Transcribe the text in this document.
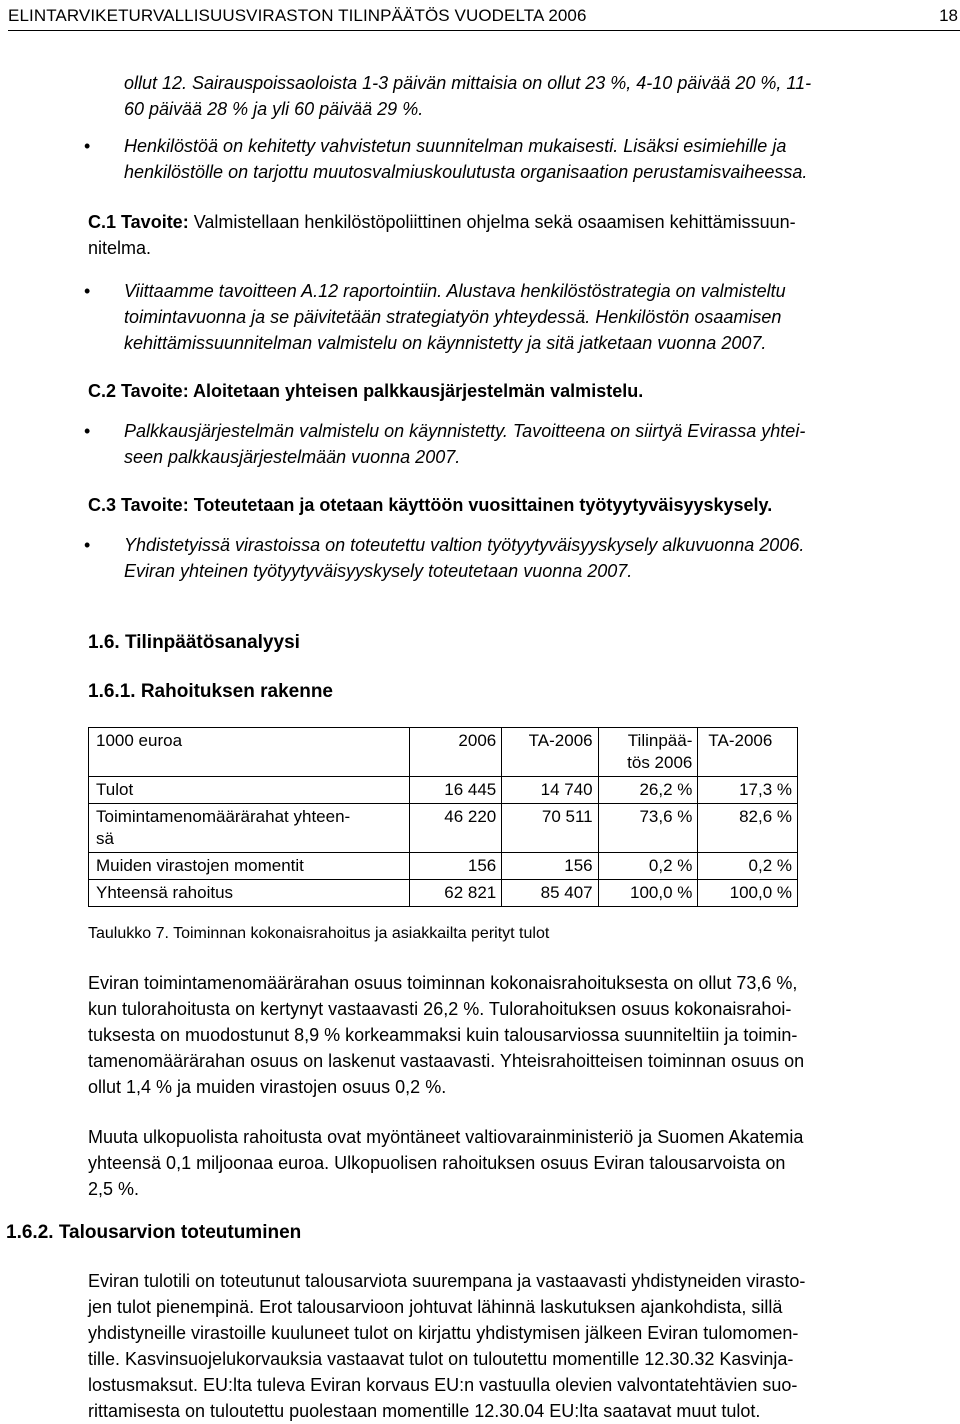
ELINTARVIKETURVALLISUUSVIRASTON TILINPÄÄTÖS VUODELTA 2006	18
ollut 12. Sairauspoissaoloista 1-3 päivän mittaisia on ollut 23 %, 4-10 päivää 20 %, 11-
60 päivää 28 % ja yli 60 päivää 29 %.
•
Henkilöstöä on kehitetty vahvistetun suunnitelman mukaisesti. Lisäksi esimiehille ja
henkilöstölle on tarjottu muutosvalmiuskoulutusta organisaation perustamisvaiheessa.
C.1 Tavoite: Valmistellaan henkilöstöpoliittinen ohjelma sekä osaamisen kehittämissuun-
nitelma.
•
Viittaamme tavoitteen A.12 raportointiin. Alustava henkilöstöstrategia on valmisteltu
toimintavuonna ja se päivitetään strategiatyön yhteydessä. Henkilöstön osaamisen
kehittämissuunnitelman valmistelu on käynnistetty ja sitä jatketaan vuonna 2007.
C.2 Tavoite: Aloitetaan yhteisen palkkausjärjestelmän valmistelu.
•
Palkkausjärjestelmän valmistelu on käynnistetty. Tavoitteena on siirtyä Evirassa yhtei-
seen palkkausjärjestelmään vuonna 2007.
C.3 Tavoite: Toteutetaan ja otetaan käyttöön vuosittainen työtyytyväisyyskysely.
•
Yhdistetyissä virastoissa on toteutettu valtion työtyytyväisyyskysely alkuvuonna 2006.
Eviran yhteinen työtyytyväisyyskysely toteutetaan vuonna 2007.
1.6. Tilinpäätösanalyysi
1.6.1. Rahoituksen rakenne
1000 euroa	2006	TA-2006	Tilinpää-
tös 2006	TA-2006
Tulot	16 445	14 740	26,2 %	17,3 %
Toimintamenomäärärahat yhteen-
sä	46 220	70 511	73,6 %	82,6 %
Muiden virastojen momentit	156	156	0,2 %	0,2 %
Yhteensä rahoitus	62 821	85 407	100,0 %	100,0 %
Taulukko 7. Toiminnan kokonaisrahoitus ja asiakkailta perityt tulot
Eviran toimintamenomäärärahan osuus toiminnan kokonaisrahoituksesta on ollut 73,6 %,
kun tulorahoitusta on kertynyt vastaavasti 26,2 %. Tulorahoituksen osuus kokonaisrahoi-
tuksesta on muodostunut 8,9 % korkeammaksi kuin talousarviossa suunniteltiin ja toimin-
tamenomäärärahan osuus on laskenut vastaavasti. Yhteisrahoitteisen toiminnan osuus on
ollut 1,4 % ja muiden virastojen osuus 0,2 %.
Muuta ulkopuolista rahoitusta ovat myöntäneet valtiovarainministeriö ja Suomen Akatemia
yhteensä 0,1 miljoonaa euroa. Ulkopuolisen rahoituksen osuus Eviran talousarvoista on
2,5 %.
1.6.2. Talousarvion toteutuminen
Eviran tulotili on toteutunut talousarviota suurempana ja vastaavasti yhdistyneiden virasto-
jen tulot pienempinä. Erot talousarvioon johtuvat lähinnä laskutuksen ajankohdista, sillä
yhdistyneille virastoille kuuluneet tulot on kirjattu yhdistymisen jälkeen Eviran tulomomen-
tille. Kasvinsuojelukorvauksia vastaavat tulot on tuloutettu momentille 12.30.32 Kasvinja-
lostusmaksut. EU:lta tuleva Eviran korvaus EU:n vastuulla olevien valvontatehtävien suo-
rittamisesta on tuloutettu puolestaan momentille 12.30.04 EU:lta saatavat muut tulot.
